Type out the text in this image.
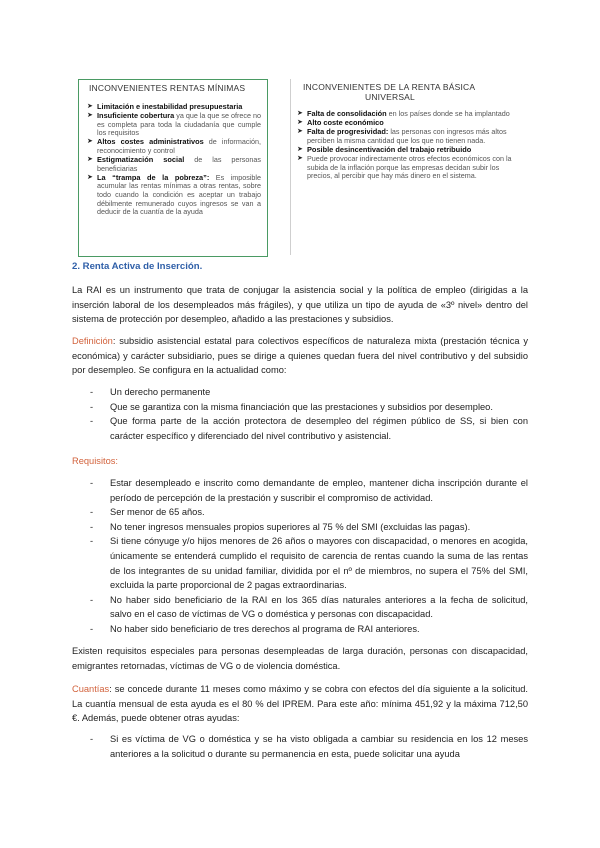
INCONVENIENTES RENTAS MÍNIMAS
➤ Limitación e inestabilidad presupuestaria
➤ Insuficiente cobertura ya que la que se ofrece no es completa para toda la ciudadanía que cumple los requisitos
➤ Altos costes administrativos de información, reconocimiento y control
➤ Estigmatización social de las personas beneficiarias
➤ La “trampa de la pobreza”: Es imposible acumular las rentas mínimas a otras rentas, sobre todo cuando la condición es aceptar un trabajo débilmente remunerado cuyos ingresos se van a deducir de la cuantía de la ayuda
INCONVENIENTES DE LA RENTA BÁSICA
UNIVERSAL
➤ Falta de consolidación en los países donde se ha implantado
➤ Alto coste económico
➤ Falta de progresividad: las personas con ingresos más altos perciben la misma cantidad que los que no tienen nada.
➤ Posible desincentivación del trabajo retribuido
➤ Puede provocar indirectamente otros efectos económicos con la subida de la inflación porque las empresas decidan subir los precios, al percibir que hay más dinero en el sistema.
2. Renta Activa de Inserción.

La RAI es un instrumento que trata de conjugar la asistencia social y la política de empleo (dirigidas a la inserción laboral de los desempleados más frágiles), y que utiliza un tipo de ayuda de «3º nivel» dentro del sistema de protección por desempleo, añadido a las prestaciones y subsidios.

Definición: subsidio asistencial estatal para colectivos específicos de naturaleza mixta (prestación técnica y económica) y carácter subsidiario, pues se dirige a quienes quedan fuera del nivel contributivo y del subsidio por desempleo. Se configura en la actualidad como:

- Un derecho permanente
- Que se garantiza con la misma financiación que las prestaciones y subsidios por desempleo.
- Que forma parte de la acción protectora de desempleo del régimen público de SS, si bien con carácter específico y diferenciado del nivel contributivo y asistencial.

Requisitos:

- Estar desempleado e inscrito como demandante de empleo, mantener dicha inscripción durante el período de percepción de la prestación y suscribir el compromiso de actividad.
- Ser menor de 65 años.
- No tener ingresos mensuales propios superiores al 75 % del SMI (excluidas las pagas).
- Si tiene cónyuge y/o hijos menores de 26 años o mayores con discapacidad, o menores en acogida, únicamente se entenderá cumplido el requisito de carencia de rentas cuando la suma de las rentas de los integrantes de su unidad familiar, dividida por el nº de miembros, no supera el 75% del SMI, excluida la parte proporcional de 2 pagas extraordinarias.
- No haber sido beneficiario de la RAI en los 365 días naturales anteriores a la fecha de solicitud, salvo en el caso de víctimas de VG o doméstica y personas con discapacidad.
- No haber sido beneficiario de tres derechos al programa de RAI anteriores.

Existen requisitos especiales para personas desempleadas de larga duración, personas con discapacidad, emigrantes retornadas, víctimas de VG o de violencia doméstica.

Cuantías: se concede durante 11 meses como máximo y se cobra con efectos del día siguiente a la solicitud. La cuantía mensual de esta ayuda es el 80 % del IPREM. Para este año: mínima 451,92 y la máxima 712,50 €. Además, puede obtener otras ayudas:

- Si es víctima de VG o doméstica y se ha visto obligada a cambiar su residencia en los 12 meses anteriores a la solicitud o durante su permanencia en esta, puede solicitar una ayuda
